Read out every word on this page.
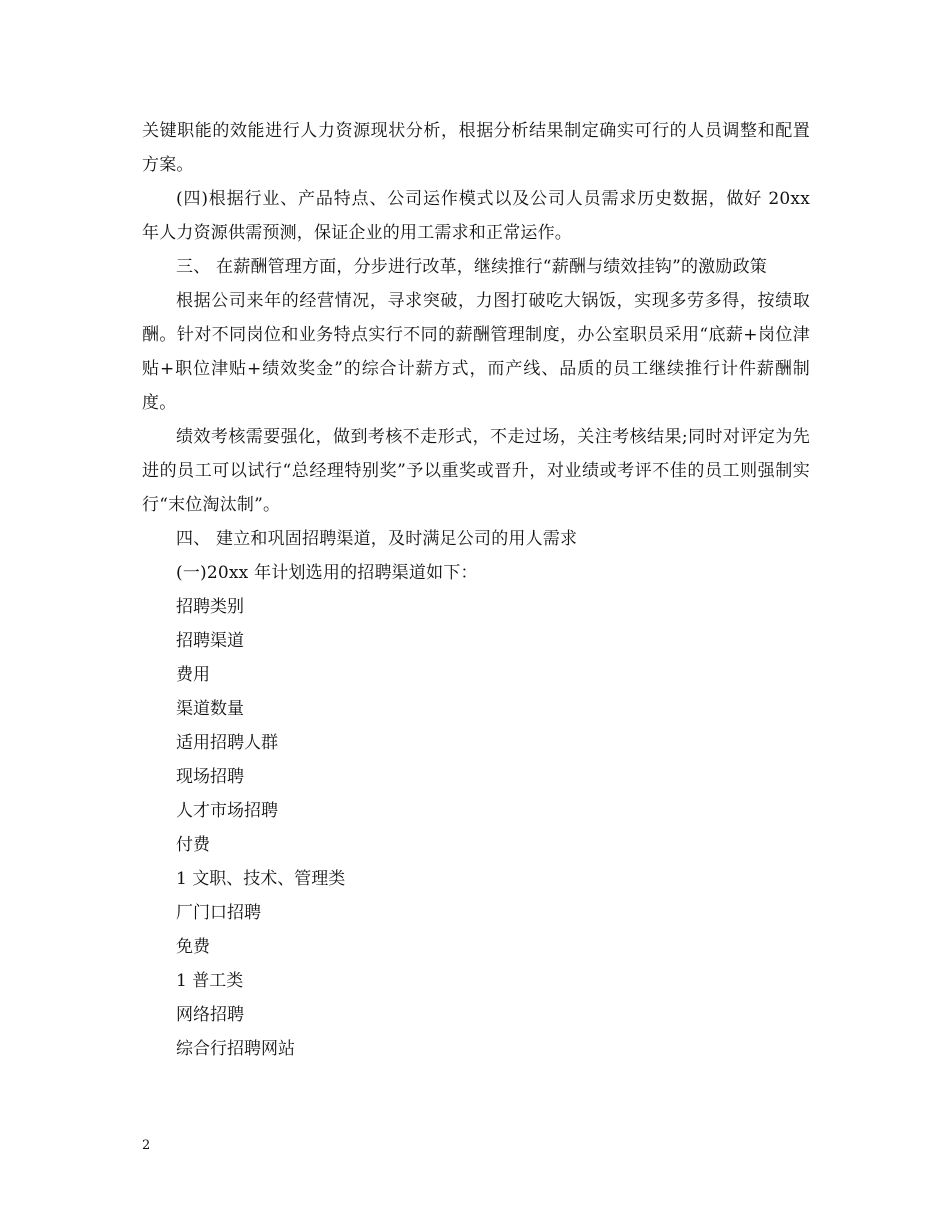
关键职能的效能进行人力资源现状分析，根据分析结果制定确实可行的人员调整和配置方案。

(四)根据行业、产品特点、公司运作模式以及公司人员需求历史数据，做好 20xx 年人力资源供需预测，保证企业的用工需求和正常运作。

三、 在薪酬管理方面，分步进行改革，继续推行“薪酬与绩效挂钩”的激励政策

根据公司来年的经营情况，寻求突破，力图打破吃大锅饭，实现多劳多得，按绩取酬。针对不同岗位和业务特点实行不同的薪酬管理制度，办公室职员采用“底薪+岗位津贴+职位津贴+绩效奖金”的综合计薪方式，而产线、品质的员工继续推行计件薪酬制度。

绩效考核需要强化，做到考核不走形式，不走过场，关注考核结果;同时对评定为先进的员工可以试行“总经理特别奖”予以重奖或晋升，对业绩或考评不佳的员工则强制实行“末位淘汰制”。

四、 建立和巩固招聘渠道，及时满足公司的用人需求

(一)20xx 年计划选用的招聘渠道如下：

招聘类别
招聘渠道
费用
渠道数量
适用招聘人群
现场招聘
人才市场招聘
付费
1 文职、技术、管理类
厂门口招聘
免费
1 普工类
网络招聘
综合行招聘网站
2
